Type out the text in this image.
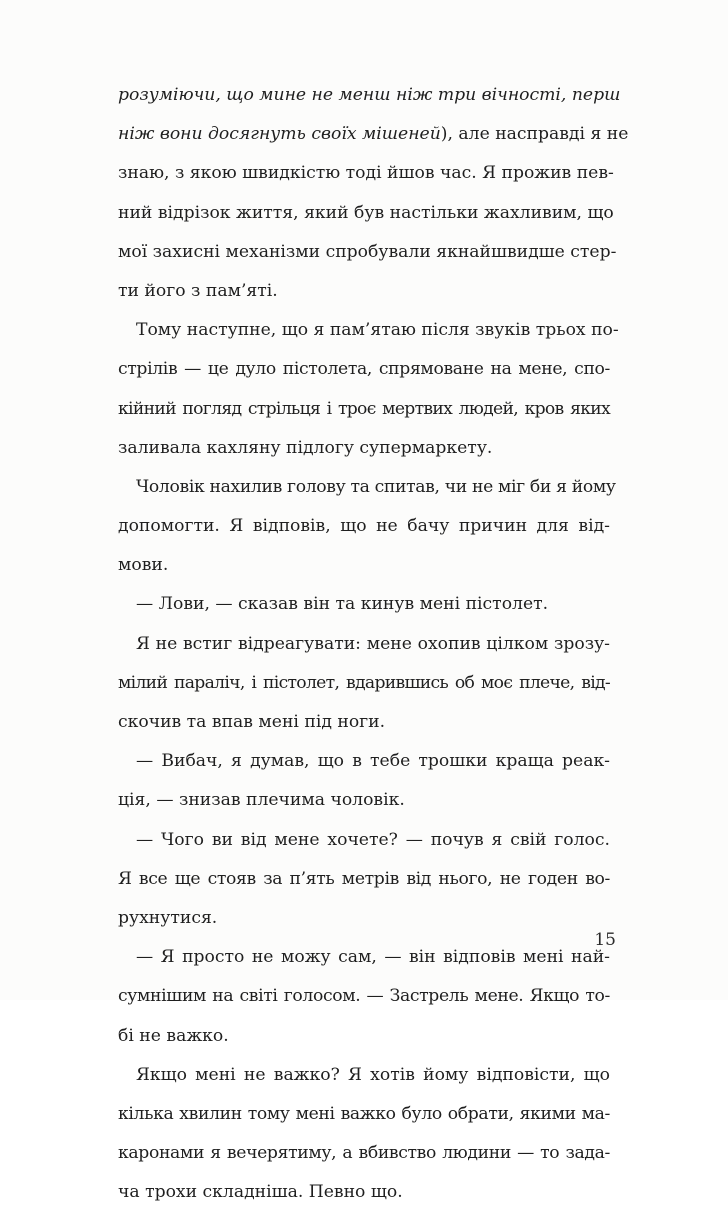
розуміючи, що мине не менш ніж три вічності, перш
ніж вони досягнуть своїх мішеней), але насправді я не
знаю, з якою швидкістю тоді йшов час. Я прожив пев-
ний відрізок життя, який був настільки жахливим, що
мої захисні механізми спробували якнайшвидше стер-
ти його з пам’яті.
Тому наступне, що я пам’ятаю після звуків трьох по-
стрілів — це дуло пістолета, спрямоване на мене, спо-
кійний погляд стрільця і троє мертвих людей, кров яких
заливала кахляну підлогу супермаркету.
Чоловік нахилив голову та спитав, чи не міг би я йому
допомогти. Я відповів, що не бачу причин для від-
мови.
— Лови, — сказав він та кинув мені пістолет.
Я не встиг відреагувати: мене охопив цілком зрозу-
мілий параліч, і пістолет, вдарившись об моє плече, від-
скочив та впав мені під ноги.
— Вибач, я думав, що в тебе трошки краща реак-
ція, — знизав плечима чоловік.
— Чого ви від мене хочете? — почув я свій голос.
Я все ще стояв за п’ять метрів від нього, не годен во-
рухнутися.
— Я просто не можу сам, — він відповів мені най-
сумнішим на світі голосом. — Застрель мене. Якщо то-
бі не важко.
Якщо мені не важко? Я хотів йому відповісти, що
кілька хвилин тому мені важко було обрати, якими ма-
каронами я вечерятиму, а вбивство людини — то зада-
ча трохи складніша. Певно що.
15
